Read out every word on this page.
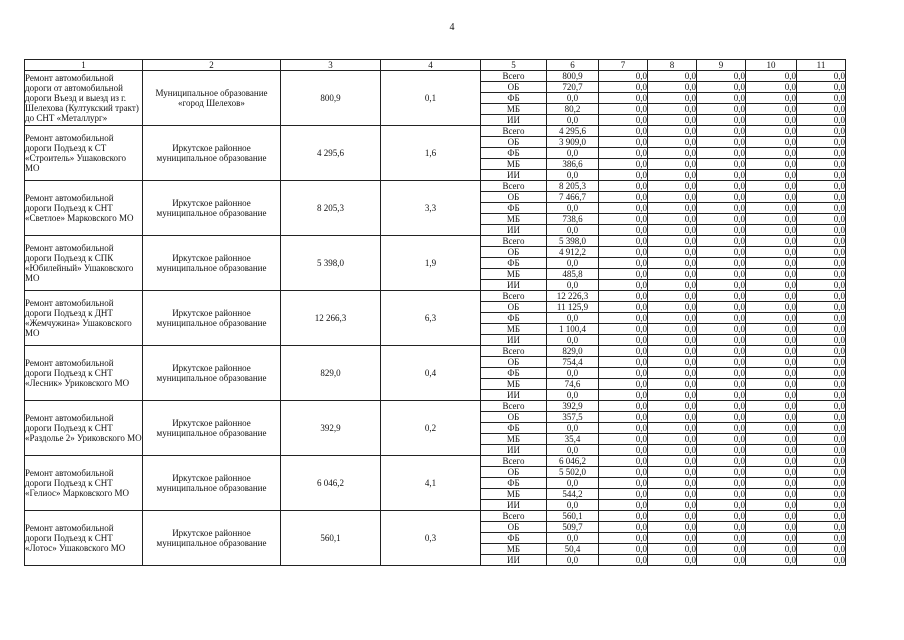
4
1	2	3	4	5	6	7	8	9	10	11
Ремонт автомобильной дороги от автомобильной дороги Въезд и выезд из г. Шелехова (Култукский тракт) до СНТ «Металлург»	Муниципальное образование «город Шелехов»	800,9	0,1	Всего	800,9	0,0	0,0	0,0	0,0	0,0
				ОБ	720,7	0,0	0,0	0,0	0,0	0,0
				ФБ	0,0	0,0	0,0	0,0	0,0	0,0
				МБ	80,2	0,0	0,0	0,0	0,0	0,0
				ИИ	0,0	0,0	0,0	0,0	0,0	0,0
Ремонт автомобильной дороги Подъезд к СТ «Строитель» Ушаковского МО	Иркутское районное муниципальное образование	4 295,6	1,6	Всего	4 295,6	0,0	0,0	0,0	0,0	0,0
				ОБ	3 909,0	0,0	0,0	0,0	0,0	0,0
				ФБ	0,0	0,0	0,0	0,0	0,0	0,0
				МБ	386,6	0,0	0,0	0,0	0,0	0,0
				ИИ	0,0	0,0	0,0	0,0	0,0	0,0
Ремонт автомобильной дороги Подъезд к СНТ «Светлое» Марковского МО	Иркутское районное муниципальное образование	8 205,3	3,3	Всего	8 205,3	0,0	0,0	0,0	0,0	0,0
				ОБ	7 466,7	0,0	0,0	0,0	0,0	0,0
				ФБ	0,0	0,0	0,0	0,0	0,0	0,0
				МБ	738,6	0,0	0,0	0,0	0,0	0,0
				ИИ	0,0	0,0	0,0	0,0	0,0	0,0
Ремонт автомобильной дороги Подъезд к СПК «Юбилейный» Ушаковского МО	Иркутское районное муниципальное образование	5 398,0	1,9	Всего	5 398,0	0,0	0,0	0,0	0,0	0,0
				ОБ	4 912,2	0,0	0,0	0,0	0,0	0,0
				ФБ	0,0	0,0	0,0	0,0	0,0	0,0
				МБ	485,8	0,0	0,0	0,0	0,0	0,0
				ИИ	0,0	0,0	0,0	0,0	0,0	0,0
Ремонт автомобильной дороги Подъезд к ДНТ «Жемчужина» Ушаковского МО	Иркутское районное муниципальное образование	12 266,3	6,3	Всего	12 226,3	0,0	0,0	0,0	0,0	0,0
				ОБ	11 125,9	0,0	0,0	0,0	0,0	0,0
				ФБ	0,0	0,0	0,0	0,0	0,0	0,0
				МБ	1 100,4	0,0	0,0	0,0	0,0	0,0
				ИИ	0,0	0,0	0,0	0,0	0,0	0,0
Ремонт автомобильной дороги Подъезд к СНТ «Лесник» Уриковского МО	Иркутское районное муниципальное образование	829,0	0,4	Всего	829,0	0,0	0,0	0,0	0,0	0,0
				ОБ	754,4	0,0	0,0	0,0	0,0	0,0
				ФБ	0,0	0,0	0,0	0,0	0,0	0,0
				МБ	74,6	0,0	0,0	0,0	0,0	0,0
				ИИ	0,0	0,0	0,0	0,0	0,0	0,0
Ремонт автомобильной дороги Подъезд к СНТ «Раздолье 2» Уриковского МО	Иркутское районное муниципальное образование	392,9	0,2	Всего	392,9	0,0	0,0	0,0	0,0	0,0
				ОБ	357,5	0,0	0,0	0,0	0,0	0,0
				ФБ	0,0	0,0	0,0	0,0	0,0	0,0
				МБ	35,4	0,0	0,0	0,0	0,0	0,0
				ИИ	0,0	0,0	0,0	0,0	0,0	0,0
Ремонт автомобильной дороги Подъезд к СНТ «Гелиос» Марковского МО	Иркутское районное муниципальное образование	6 046,2	4,1	Всего	6 046,2	0,0	0,0	0,0	0,0	0,0
				ОБ	5 502,0	0,0	0,0	0,0	0,0	0,0
				ФБ	0,0	0,0	0,0	0,0	0,0	0,0
				МБ	544,2	0,0	0,0	0,0	0,0	0,0
				ИИ	0,0	0,0	0,0	0,0	0,0	0,0
Ремонт автомобильной дороги Подъезд к СНТ «Лотос» Ушаковского МО	Иркутское районное муниципальное образование	560,1	0,3	Всего	560,1	0,0	0,0	0,0	0,0	0,0
				ОБ	509,7	0,0	0,0	0,0	0,0	0,0
				ФБ	0,0	0,0	0,0	0,0	0,0	0,0
				МБ	50,4	0,0	0,0	0,0	0,0	0,0
				ИИ	0,0	0,0	0,0	0,0	0,0	0,0
